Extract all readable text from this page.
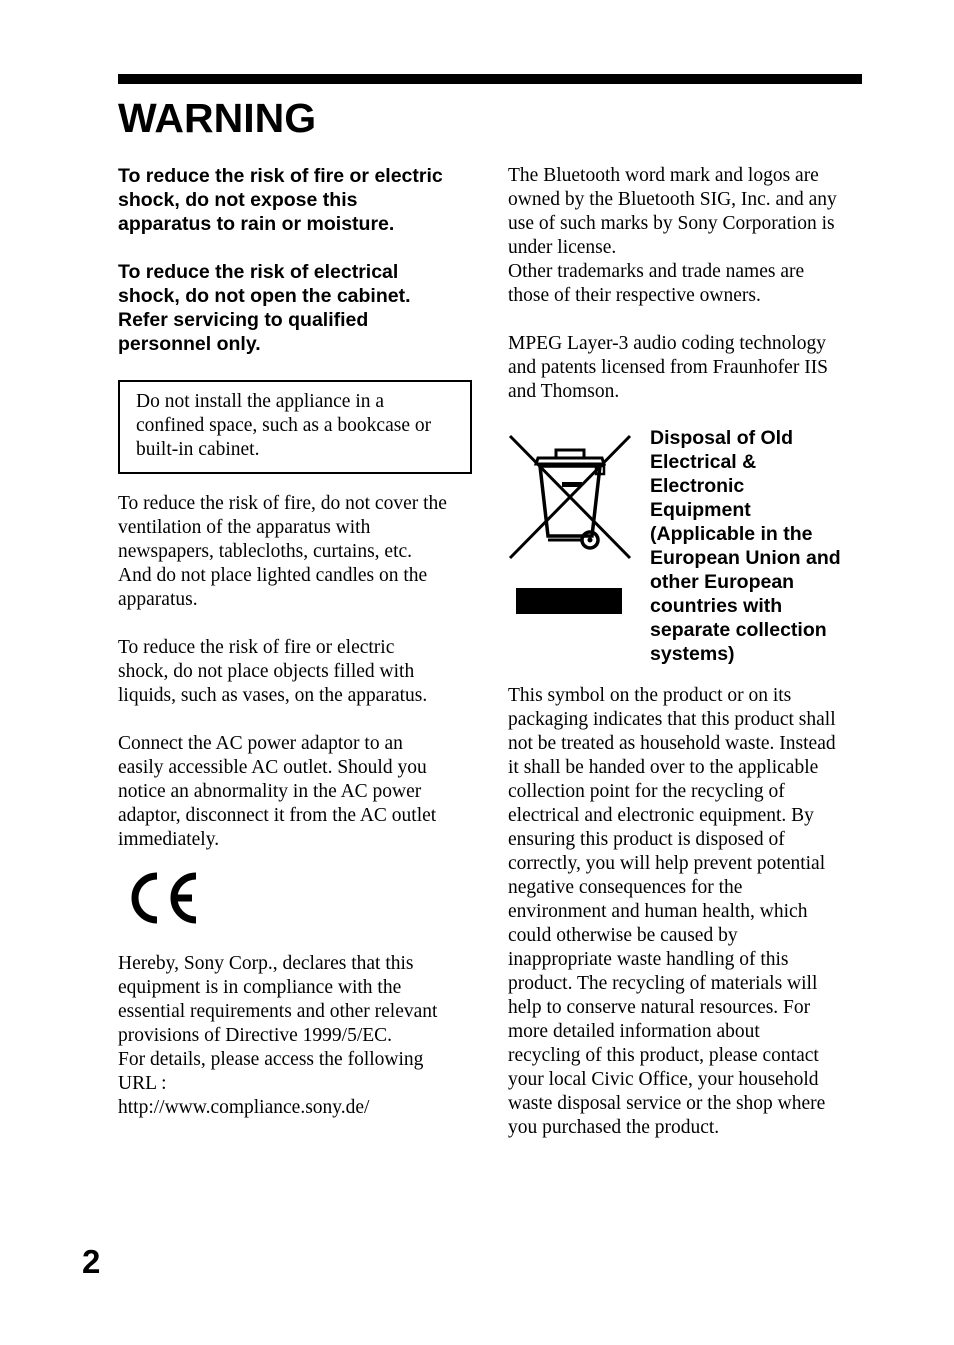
WARNING

To reduce the risk of fire or electric
shock, do not expose this
apparatus to rain or moisture.

To reduce the risk of electrical
shock, do not open the cabinet.
Refer servicing to qualified
personnel only.

Do not install the appliance in a
confined space, such as a bookcase or
built-in cabinet.

To reduce the risk of fire, do not cover the
ventilation of the apparatus with
newspapers, tablecloths, curtains, etc.
And do not place lighted candles on the
apparatus.

To reduce the risk of fire or electric
shock, do not place objects filled with
liquids, such as vases, on the apparatus.

Connect the AC power adaptor to an
easily accessible AC outlet. Should you
notice an abnormality in the AC power
adaptor, disconnect it from the AC outlet
immediately.

Hereby, Sony Corp., declares that this
equipment is in compliance with the
essential requirements and other relevant
provisions of Directive 1999/5/EC.
For details, please access the following
URL :
http://www.compliance.sony.de/

The Bluetooth word mark and logos are
owned by the Bluetooth SIG, Inc. and any
use of such marks by Sony Corporation is
under license.
Other trademarks and trade names are
those of their respective owners.

MPEG Layer-3 audio coding technology
and patents licensed from Fraunhofer IIS
and Thomson.

Disposal of Old
Electrical &
Electronic
Equipment
(Applicable in the
European Union and
other European
countries with
separate collection
systems)

This symbol on the product or on its
packaging indicates that this product shall
not be treated as household waste. Instead
it shall be handed over to the applicable
collection point for the recycling of
electrical and electronic equipment. By
ensuring this product is disposed of
correctly, you will help prevent potential
negative consequences for the
environment and human health, which
could otherwise be caused by
inappropriate waste handling of this
product. The recycling of materials will
help to conserve natural resources. For
more detailed information about
recycling of this product, please contact
your local Civic Office, your household
waste disposal service or the shop where
you purchased the product.

2
